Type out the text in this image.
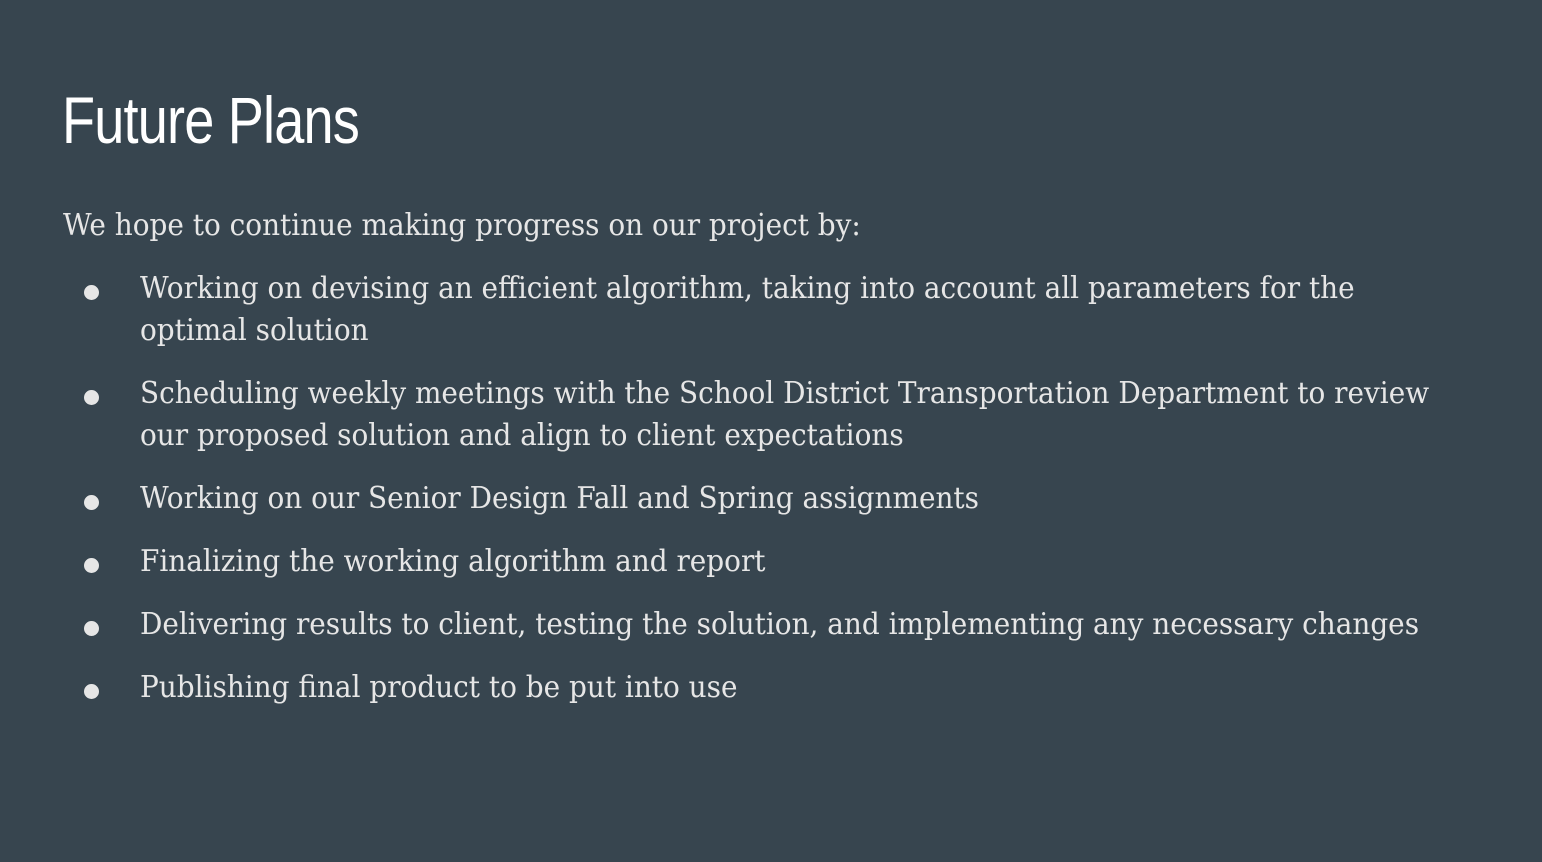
Future Plans

We hope to continue making progress on our project by:

Working on devising an efficient algorithm, taking into account all parameters for the
optimal solution
Scheduling weekly meetings with the School District Transportation Department to review
our proposed solution and align to client expectations
Working on our Senior Design Fall and Spring assignments
Finalizing the working algorithm and report
Delivering results to client, testing the solution, and implementing any necessary changes
Publishing final product to be put into use
